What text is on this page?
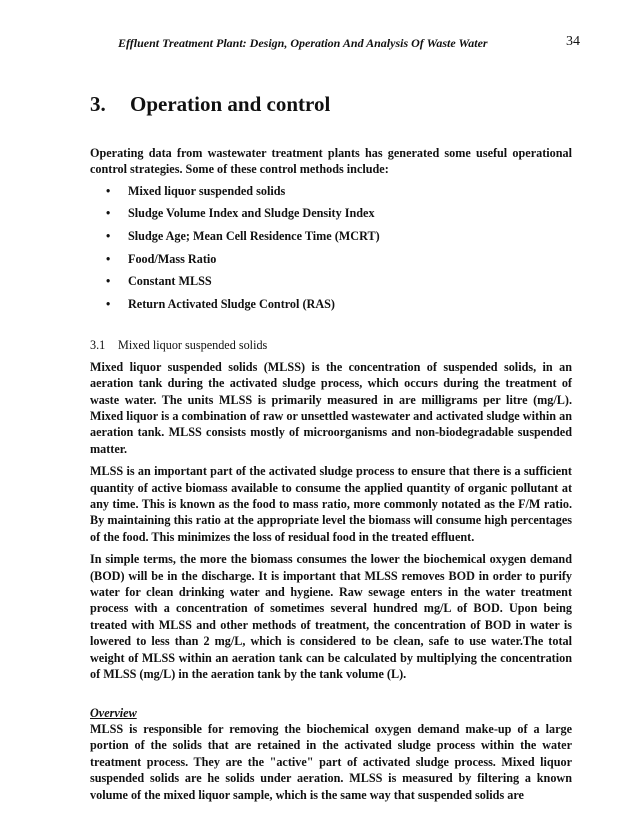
Effluent Treatment Plant: Design, Operation And Analysis Of Waste Water	34
3. Operation and control

Operating data from wastewater treatment plants has generated some useful operational control strategies. Some of these control methods include:

• Mixed liquor suspended solids
• Sludge Volume Index and Sludge Density Index
• Sludge Age; Mean Cell Residence Time (MCRT)
• Food/Mass Ratio
• Constant MLSS
• Return Activated Sludge Control (RAS)
3.1 Mixed liquor suspended solids

Mixed liquor suspended solids (MLSS) is the concentration of suspended solids, in an aeration tank during the activated sludge process, which occurs during the treatment of waste water. The units MLSS is primarily measured in are milligrams per litre (mg/L). Mixed liquor is a combination of raw or unsettled wastewater and activated sludge within an aeration tank. MLSS consists mostly of microorganisms and non-biodegradable suspended matter.

MLSS is an important part of the activated sludge process to ensure that there is a sufficient quantity of active biomass available to consume the applied quantity of organic pollutant at any time. This is known as the food to mass ratio, more commonly notated as the F/M ratio. By maintaining this ratio at the appropriate level the biomass will consume high percentages of the food. This minimizes the loss of residual food in the treated effluent.

In simple terms, the more the biomass consumes the lower the biochemical oxygen demand (BOD) will be in the discharge. It is important that MLSS removes BOD in order to purify water for clean drinking water and hygiene. Raw sewage enters in the water treatment process with a concentration of sometimes several hundred mg/L of BOD. Upon being treated with MLSS and other methods of treatment, the concentration of BOD in water is lowered to less than 2 mg/L, which is considered to be clean, safe to use water.The total weight of MLSS within an aeration tank can be calculated by multiplying the concentration of MLSS (mg/L) in the aeration tank by the tank volume (L).

Overview

MLSS is responsible for removing the biochemical oxygen demand make-up of a large portion of the solids that are retained in the activated sludge process within the water treatment process. They are the "active" part of activated sludge process. Mixed liquor suspended solids are he solids under aeration. MLSS is measured by filtering a known volume of the mixed liquor sample, which is the same way that suspended solids are
